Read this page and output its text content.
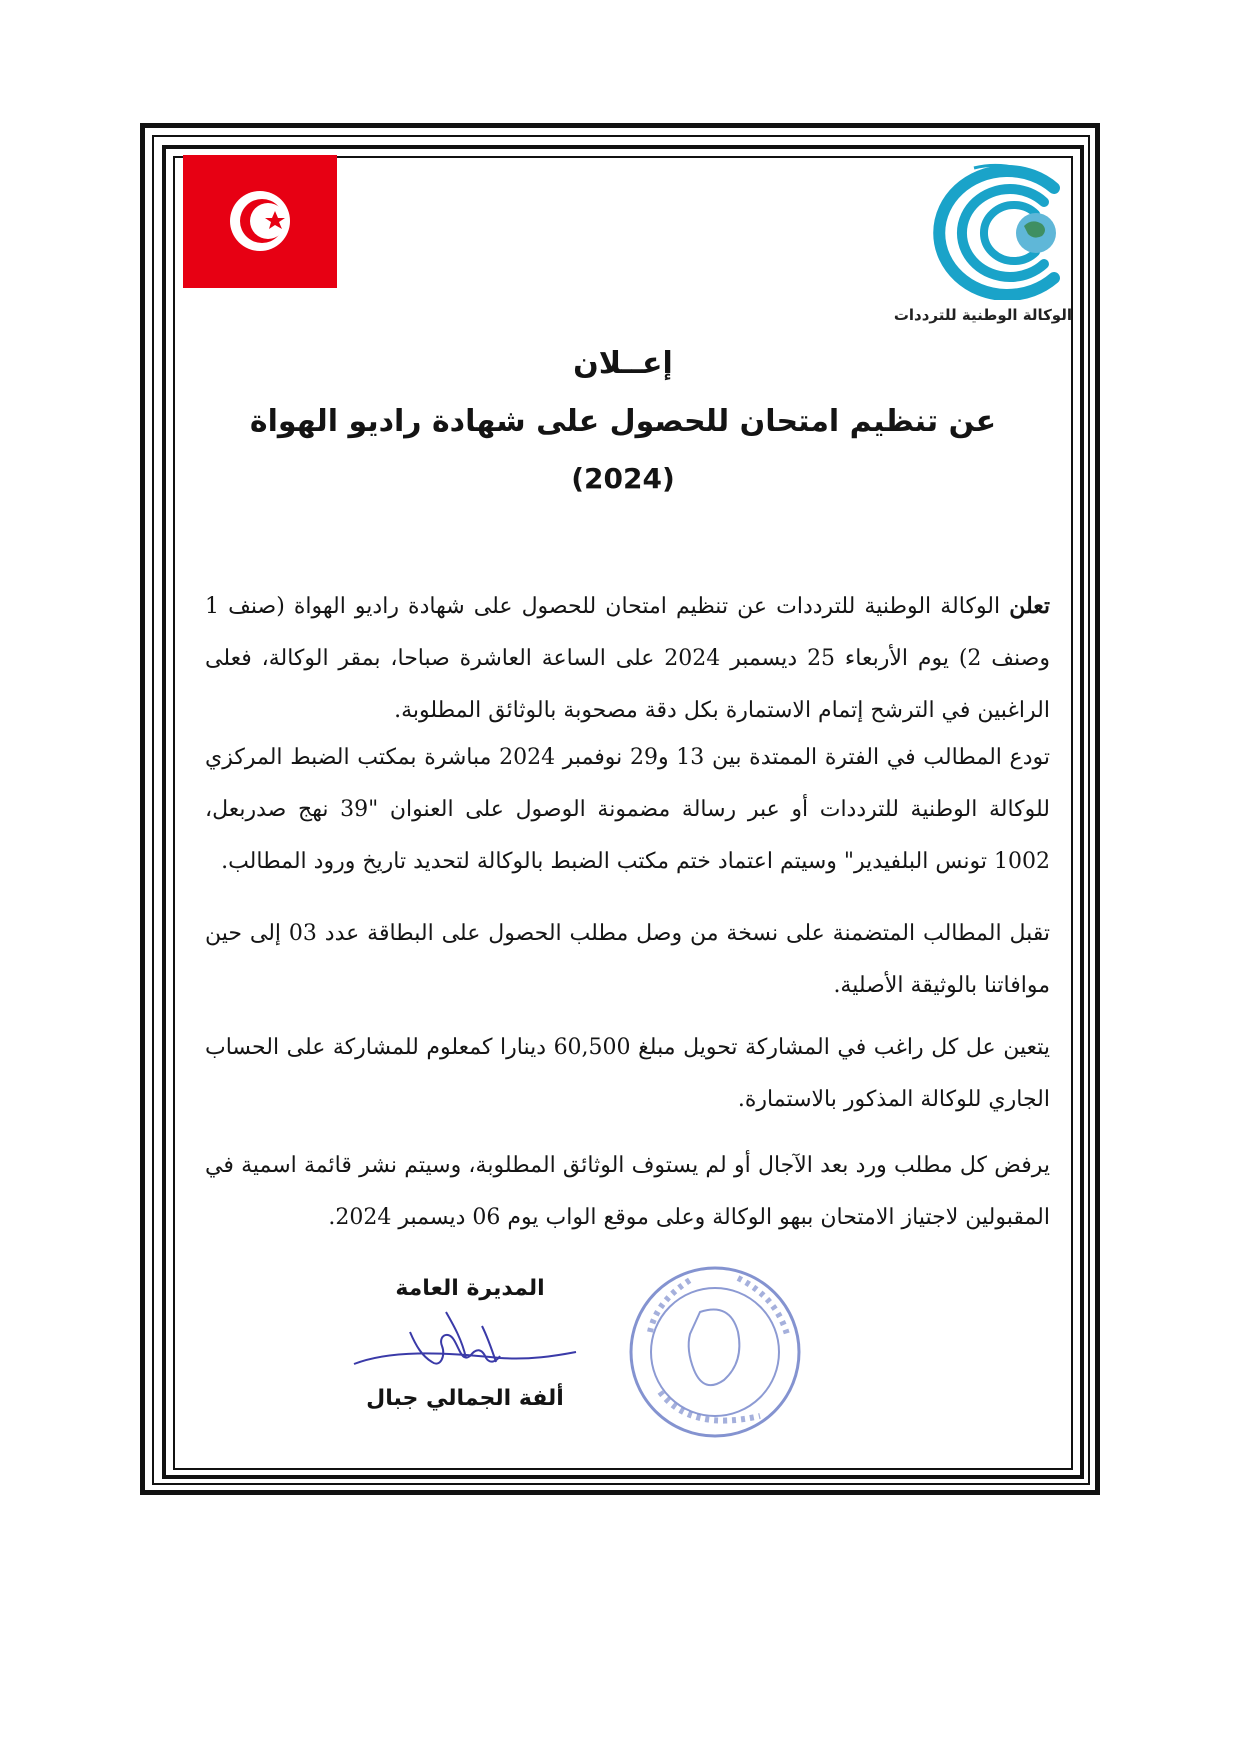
الوكالة الوطنية للترددات
إعــلان
عن تنظيم امتحان للحصول على شهادة راديو الهواة
(2024)

تعلن الوكالة الوطنية للترددات عن تنظيم امتحان للحصول على شهادة راديو الهواة (صنف 1 وصنف 2) يوم الأربعاء 25 ديسمبر 2024 على الساعة العاشرة صباحا، بمقر الوكالة، فعلى الراغبين في الترشح إتمام الاستمارة بكل دقة مصحوبة بالوثائق المطلوبة.

تودع المطالب في الفترة الممتدة بين 13 و29 نوفمبر 2024 مباشرة بمكتب الضبط المركزي للوكالة الوطنية للترددات أو عبر رسالة مضمونة الوصول على العنوان "39 نهج صدربعل، 1002 تونس البلفيدير" وسيتم اعتماد ختم مكتب الضبط بالوكالة لتحديد تاريخ ورود المطالب.

تقبل المطالب المتضمنة على نسخة من وصل مطلب الحصول على البطاقة عدد 03 إلى حين موافاتنا بالوثيقة الأصلية.

يتعين عل كل راغب في المشاركة تحويل مبلغ 60,500 دينارا كمعلوم للمشاركة على الحساب الجاري للوكالة المذكور بالاستمارة.

يرفض كل مطلب ورد بعد الآجال أو لم يستوف الوثائق المطلوبة، وسيتم نشر قائمة اسمية في المقبولين لاجتياز الامتحان ببهو الوكالة وعلى موقع الواب يوم 06 ديسمبر 2024.

المديرة العامة
ألفة الجمالي جبال
